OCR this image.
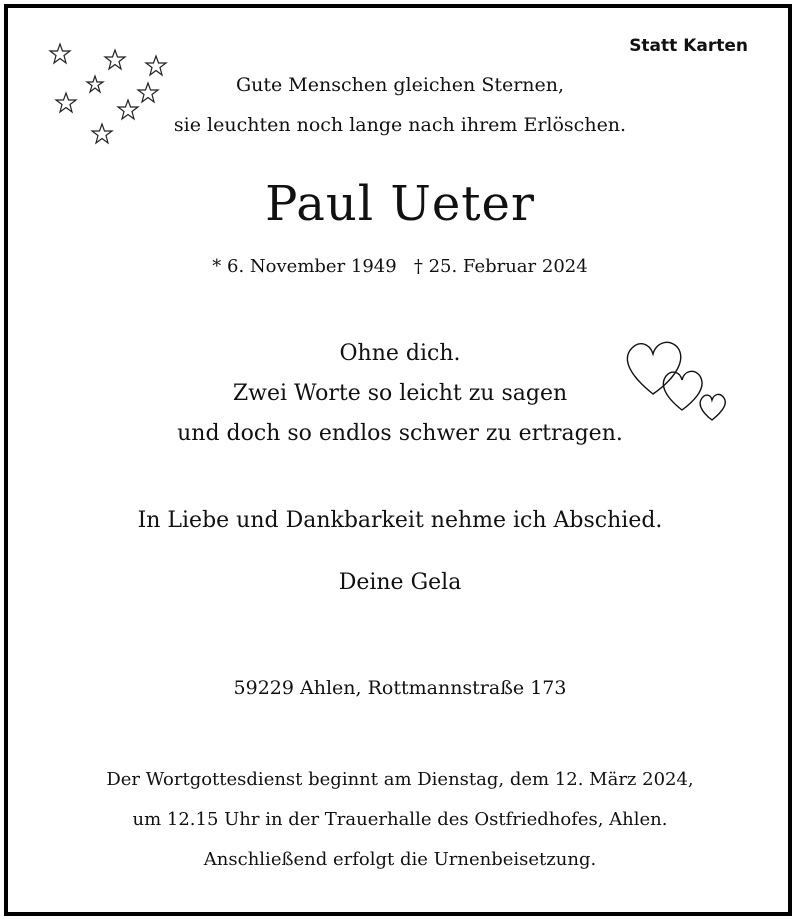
Statt Karten
Gute Menschen gleichen Sternen,
sie leuchten noch lange nach ihrem Erlöschen.
Paul Ueter
* 6. November 1949   † 25. Februar 2024
Ohne dich.
Zwei Worte so leicht zu sagen
und doch so endlos schwer zu ertragen.
In Liebe und Dankbarkeit nehme ich Abschied.
Deine Gela
59229 Ahlen, Rottmannstraße 173
Der Wortgottesdienst beginnt am Dienstag, dem 12. März 2024,
um 12.15 Uhr in der Trauerhalle des Ostfriedhofes, Ahlen.
Anschließend erfolgt die Urnenbeisetzung.
